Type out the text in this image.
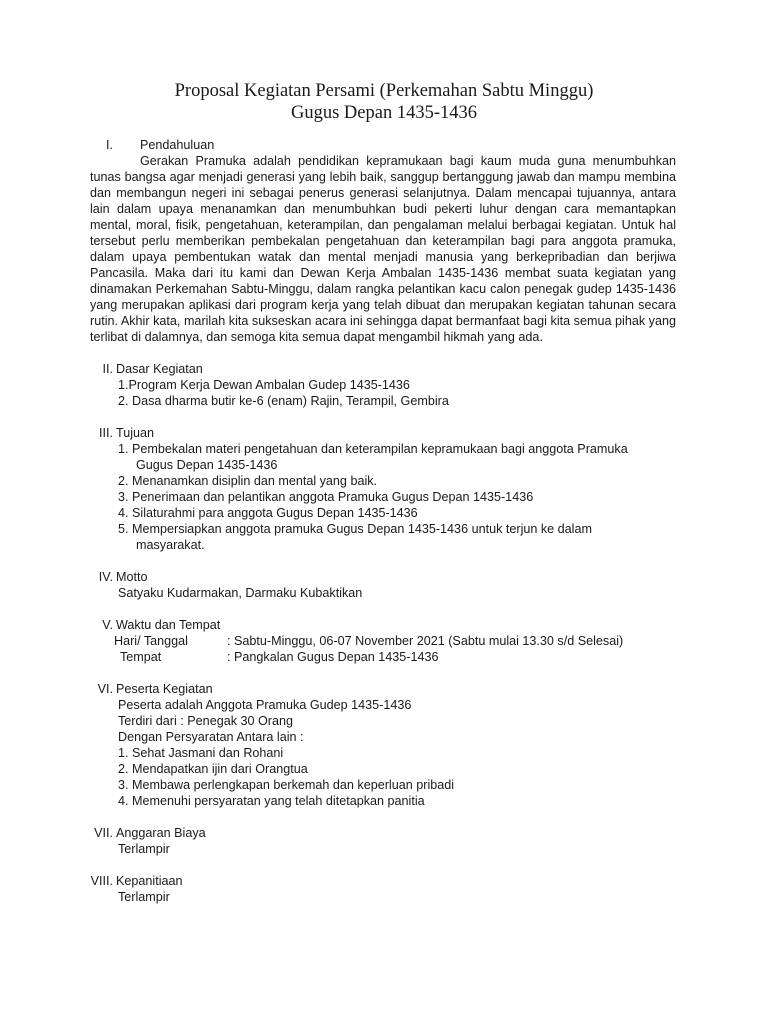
Proposal Kegiatan Persami (Perkemahan Sabtu Minggu)
Gugus Depan 1435-1436
I. Pendahuluan

Gerakan Pramuka adalah pendidikan kepramukaan bagi kaum muda guna menumbuhkan tunas bangsa agar menjadi generasi yang lebih baik, sanggup bertanggung jawab dan mampu membina dan membangun negeri ini sebagai penerus generasi selanjutnya. Dalam mencapai tujuannya, antara lain dalam upaya menanamkan dan menumbuhkan budi pekerti luhur dengan cara memantapkan mental, moral, fisik, pengetahuan, keterampilan, dan pengalaman melalui berbagai kegiatan. Untuk hal tersebut perlu memberikan pembekalan pengetahuan dan keterampilan bagi para anggota pramuka, dalam upaya pembentukan watak dan mental menjadi manusia yang berkepribadian dan berjiwa Pancasila. Maka dari itu kami dan Dewan Kerja Ambalan 1435-1436 membat suata kegiatan yang dinamakan Perkemahan Sabtu-Minggu, dalam rangka pelantikan kacu calon penegak gudep 1435-1436 yang merupakan aplikasi dari program kerja yang telah dibuat dan merupakan kegiatan tahunan secara rutin. Akhir kata, marilah kita sukseskan acara ini sehingga dapat bermanfaat bagi kita semua pihak yang terlibat di dalamnya, dan semoga kita semua dapat mengambil hikmah yang ada.

II. Dasar Kegiatan
1.Program Kerja Dewan Ambalan Gudep 1435-1436
2. Dasa dharma butir ke-6 (enam) Rajin, Terampil, Gembira
III. Tujuan
1. Pembekalan materi pengetahuan dan keterampilan kepramukaan bagi anggota Pramuka
Gugus Depan 1435-1436
2. Menanamkan disiplin dan mental yang baik.
3. Penerimaan dan pelantikan anggota Pramuka Gugus Depan 1435-1436
4. Silaturahmi para anggota Gugus Depan 1435-1436
5. Mempersiapkan anggota pramuka Gugus Depan 1435-1436 untuk terjun ke dalam
masyarakat.
IV. Motto
Satyaku Kudarmakan, Darmaku Kubaktikan
V. Waktu dan Tempat
Hari/ Tanggal	: Sabtu-Minggu, 06-07 November 2021 (Sabtu mulai 13.30 s/d Selesai)
Tempat	: Pangkalan Gugus Depan 1435-1436
VI. Peserta Kegiatan
Peserta adalah Anggota Pramuka Gudep 1435-1436
Terdiri dari : Penegak 30 Orang
Dengan Persyaratan Antara lain :
1. Sehat Jasmani dan Rohani
2. Mendapatkan ijin dari Orangtua
3. Membawa perlengkapan berkemah dan keperluan pribadi
4. Memenuhi persyaratan yang telah ditetapkan panitia
VII. Anggaran Biaya
Terlampir
VIII. Kepanitiaan
Terlampir
